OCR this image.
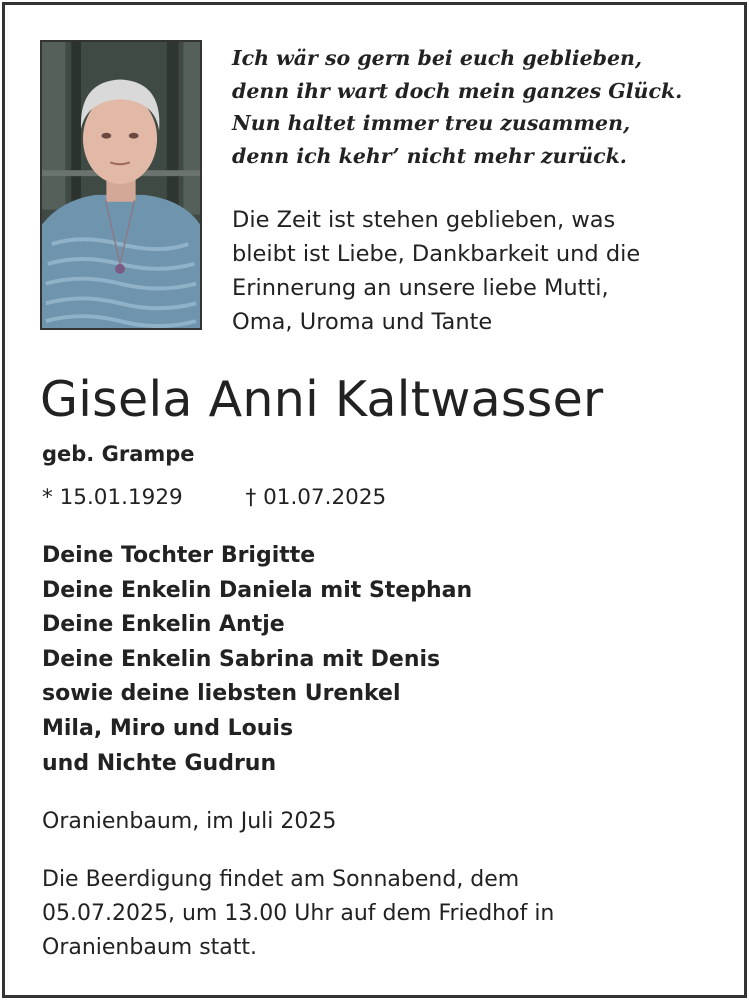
Ich wär so gern bei euch geblieben,
denn ihr wart doch mein ganzes Glück.
Nun haltet immer treu zusammen,
denn ich kehr’ nicht mehr zurück.
Die Zeit ist stehen geblieben, was
bleibt ist Liebe, Dankbarkeit und die
Erinnerung an unsere liebe Mutti,
Oma, Uroma und Tante
Gisela Anni Kaltwasser
geb. Grampe
* 15.01.1929	† 01.07.2025
Deine Tochter Brigitte
Deine Enkelin Daniela mit Stephan
Deine Enkelin Antje
Deine Enkelin Sabrina mit Denis
sowie deine liebsten Urenkel
Mila, Miro und Louis
und Nichte Gudrun
Oranienbaum, im Juli 2025
Die Beerdigung findet am Sonnabend, dem
05.07.2025, um 13.00 Uhr auf dem Friedhof in
Oranienbaum statt.
